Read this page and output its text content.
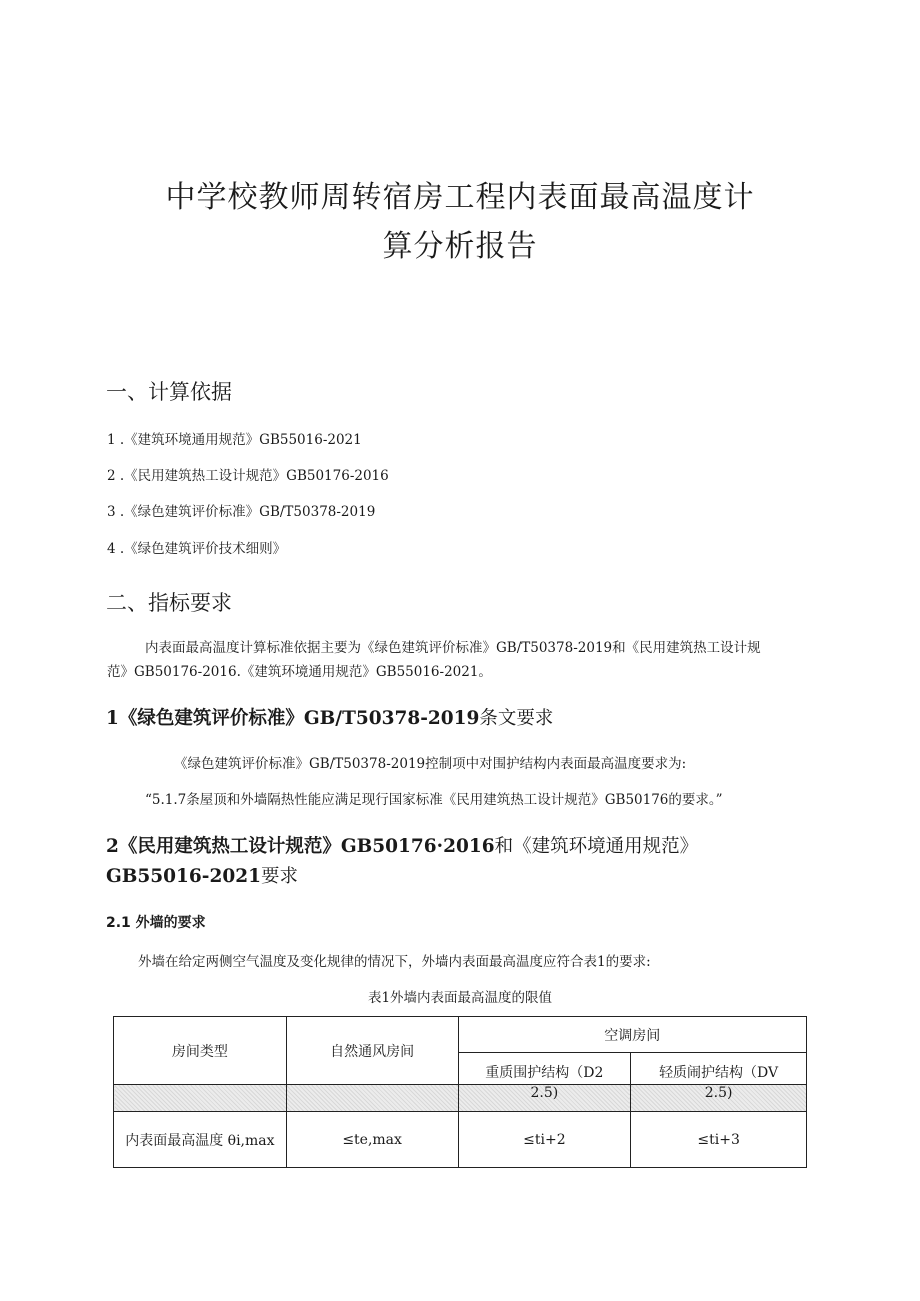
中学校教师周转宿房工程内表面最高温度计
算分析报告
一、计算依据
1 .《建筑环境通用规范》GB55016-2021
2 .《民用建筑热工设计规范》GB50176-2016
3 .《绿色建筑评价标准》GB/T50378-2019
4 .《绿色建筑评价技术细则》
二、指标要求
内表面最高温度计算标准依据主要为《绿色建筑评价标准》GB/T50378-2019和《民用建筑热工设计规
范》GB50176-2016.《建筑环境通用规范》GB55016-2021。
1《绿色建筑评价标准》GB/T50378-2019条文要求
《绿色建筑评价标准》GB/T50378-2019控制项中对围护结构内表面最高温度要求为:
“5.1.7条屋顶和外墙隔热性能应满足现行国家标准《民用建筑热工设计规范》GB50176的要求。”
2《民用建筑热工设计规范》GB50176·2016和《建筑环境通用规范》
GB55016-2021要求
2.1 外墙的要求
外墙在给定两侧空气温度及变化规律的情况下，外墙内表面最高温度应符合表1的要求:
表1外墙内表面最高温度的限值
房间类型	自然通风房间	空调房间	
		重质围护结构（D2	轻质闹护结构（DV
		2.5)	2.5)
内表面最高温度 θi,max	≤te,max	≤ti+2	≤ti+3
